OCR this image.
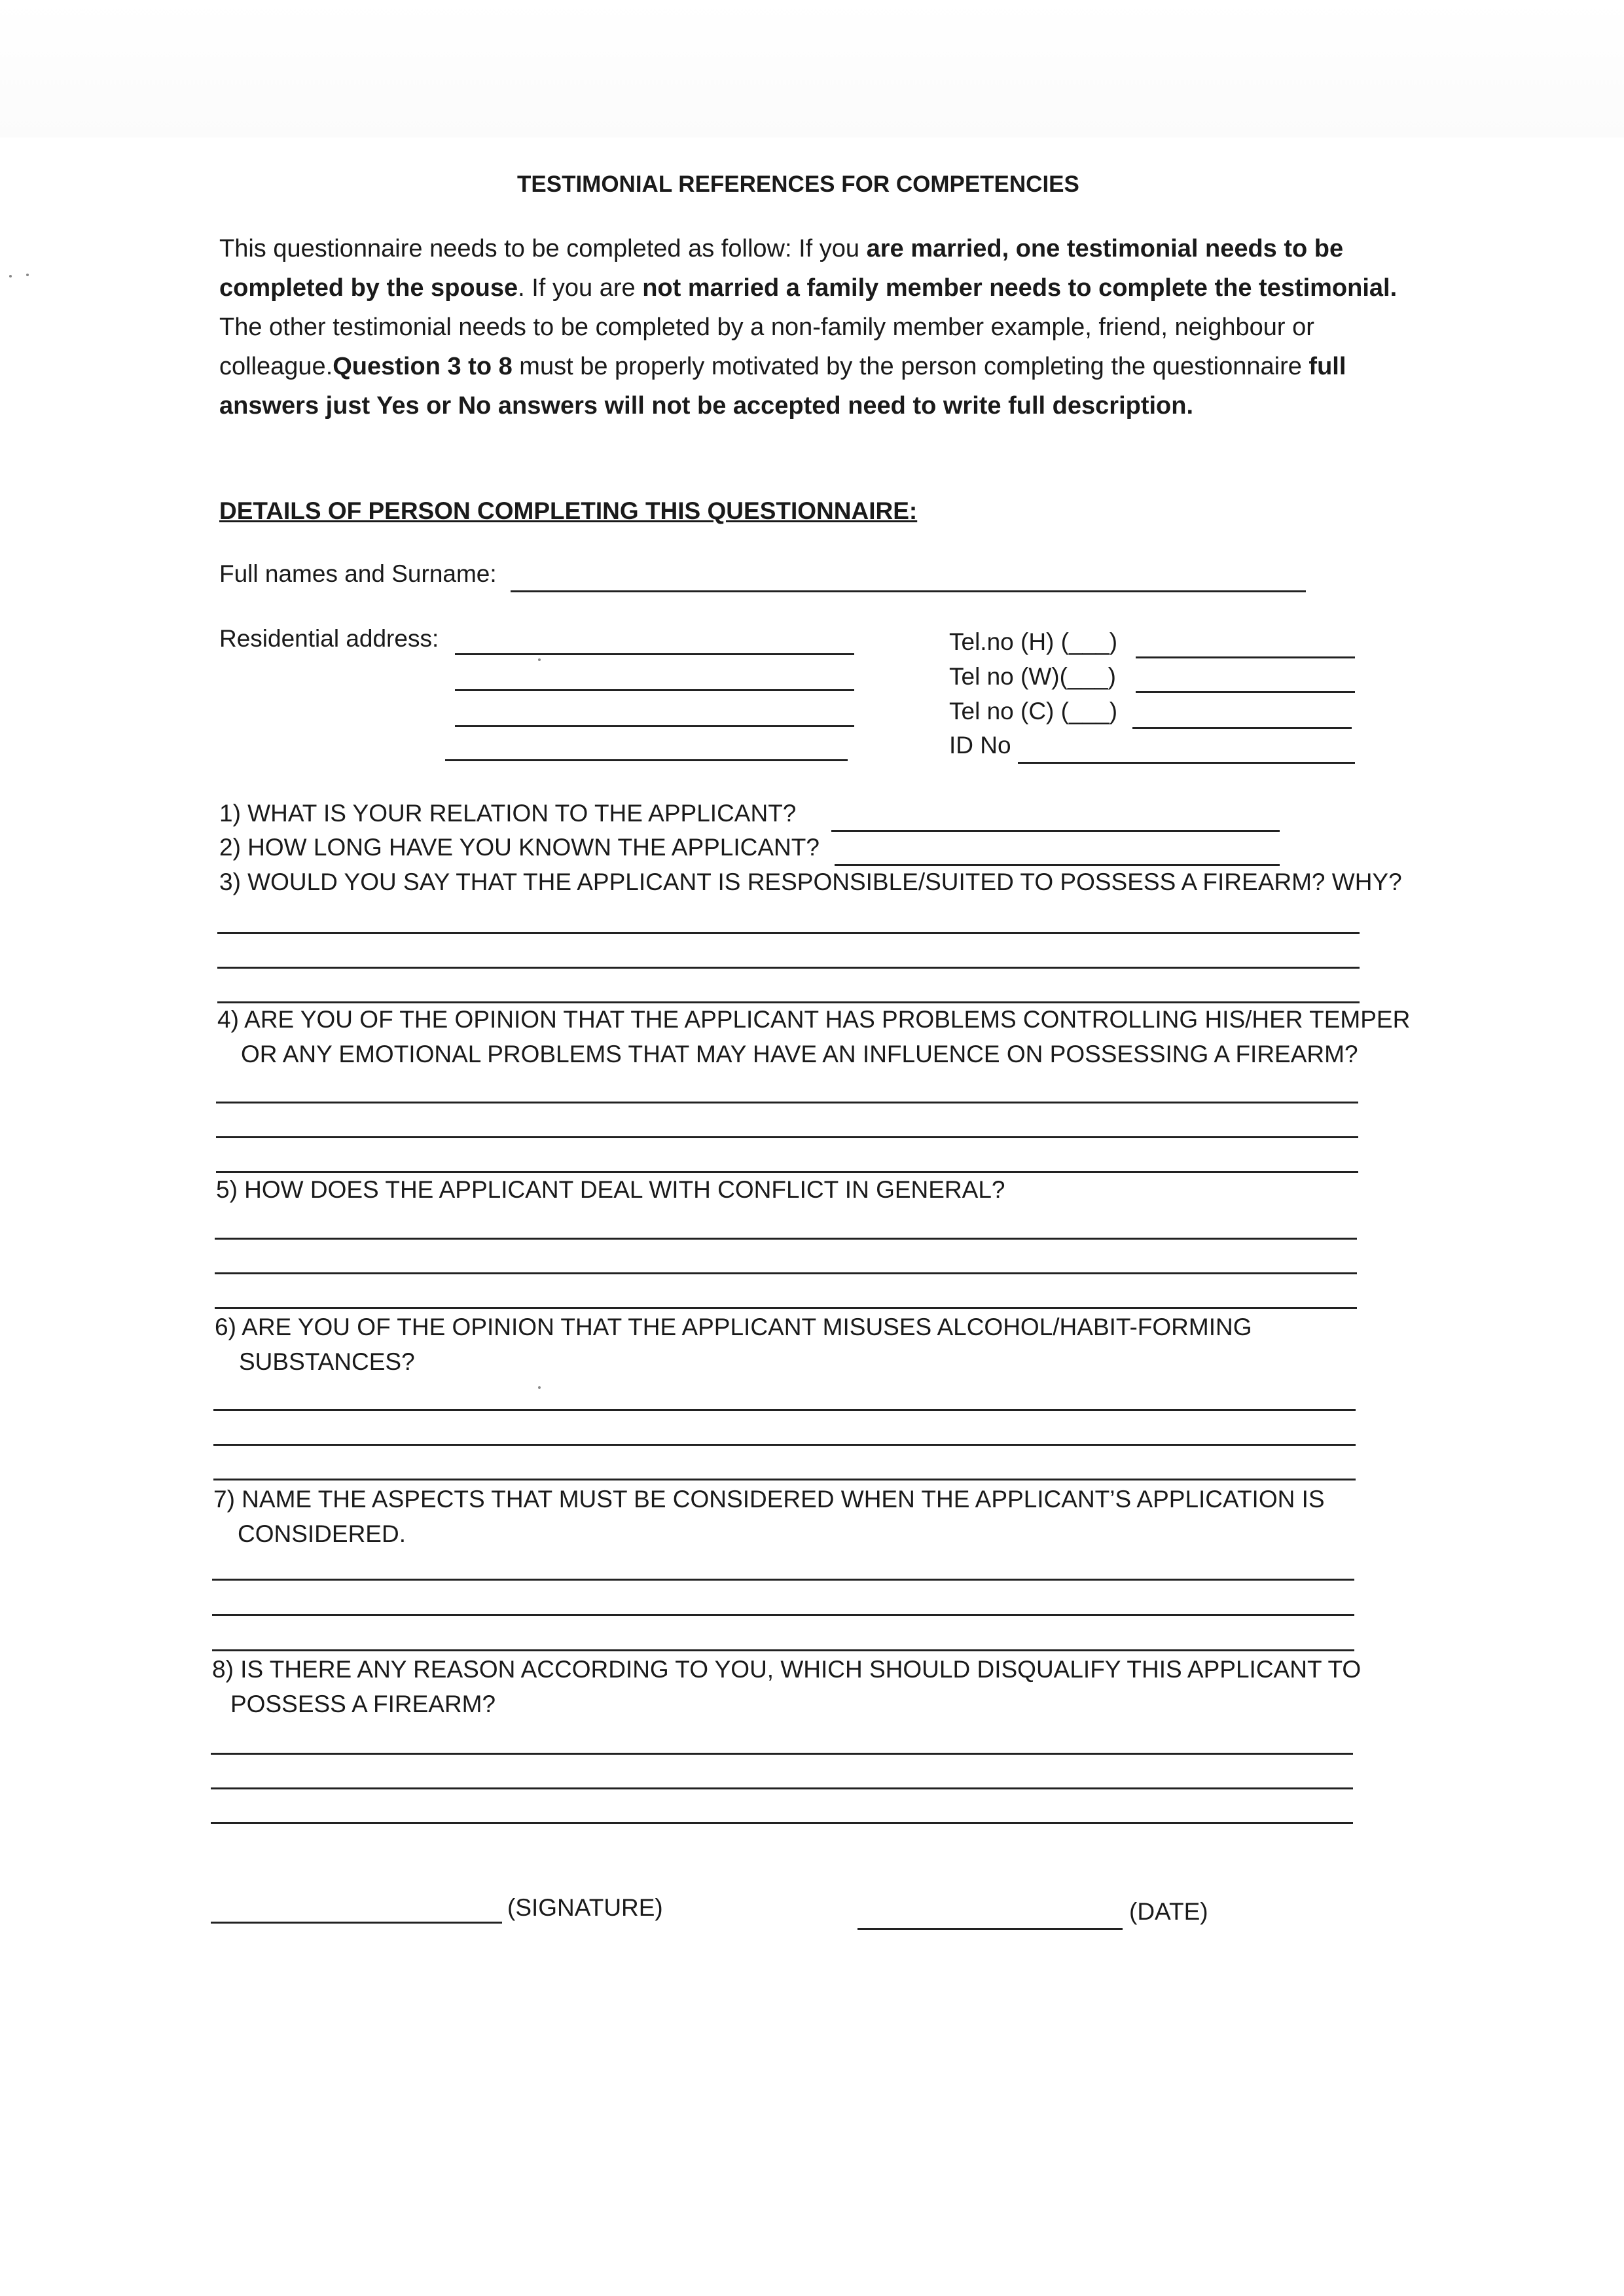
TESTIMONIAL REFERENCES FOR COMPETENCIES
This questionnaire needs to be completed as follow: If you are married, one testimonial needs to be completed by the spouse. If you are not married a family member needs to complete the testimonial. The other testimonial needs to be completed by a non-family member example, friend, neighbour or colleague.Question 3 to 8 must be properly motivated by the person completing the questionnaire full answers just Yes or No answers will not be accepted need to write full description.
DETAILS OF PERSON COMPLETING THIS QUESTIONNAIRE:
Full names and Surname:
Residential address:	Tel.no (H) (___)
Tel no (W)(___)
Tel no (C) (___)
ID No
1) WHAT IS YOUR RELATION TO THE APPLICANT?
2) HOW LONG HAVE YOU KNOWN THE APPLICANT?
3) WOULD YOU SAY THAT THE APPLICANT IS RESPONSIBLE/SUITED TO POSSESS A FIREARM? WHY?
4) ARE YOU OF THE OPINION THAT THE APPLICANT HAS PROBLEMS CONTROLLING HIS/HER TEMPER
OR ANY EMOTIONAL PROBLEMS THAT MAY HAVE AN INFLUENCE ON POSSESSING A FIREARM?
5) HOW DOES THE APPLICANT DEAL WITH CONFLICT IN GENERAL?
6) ARE YOU OF THE OPINION THAT THE APPLICANT MISUSES ALCOHOL/HABIT-FORMING
SUBSTANCES?
7) NAME THE ASPECTS THAT MUST BE CONSIDERED WHEN THE APPLICANT’S APPLICATION IS
CONSIDERED.
8) IS THERE ANY REASON ACCORDING TO YOU, WHICH SHOULD DISQUALIFY THIS APPLICANT TO
POSSESS A FIREARM?
(SIGNATURE)	(DATE)
